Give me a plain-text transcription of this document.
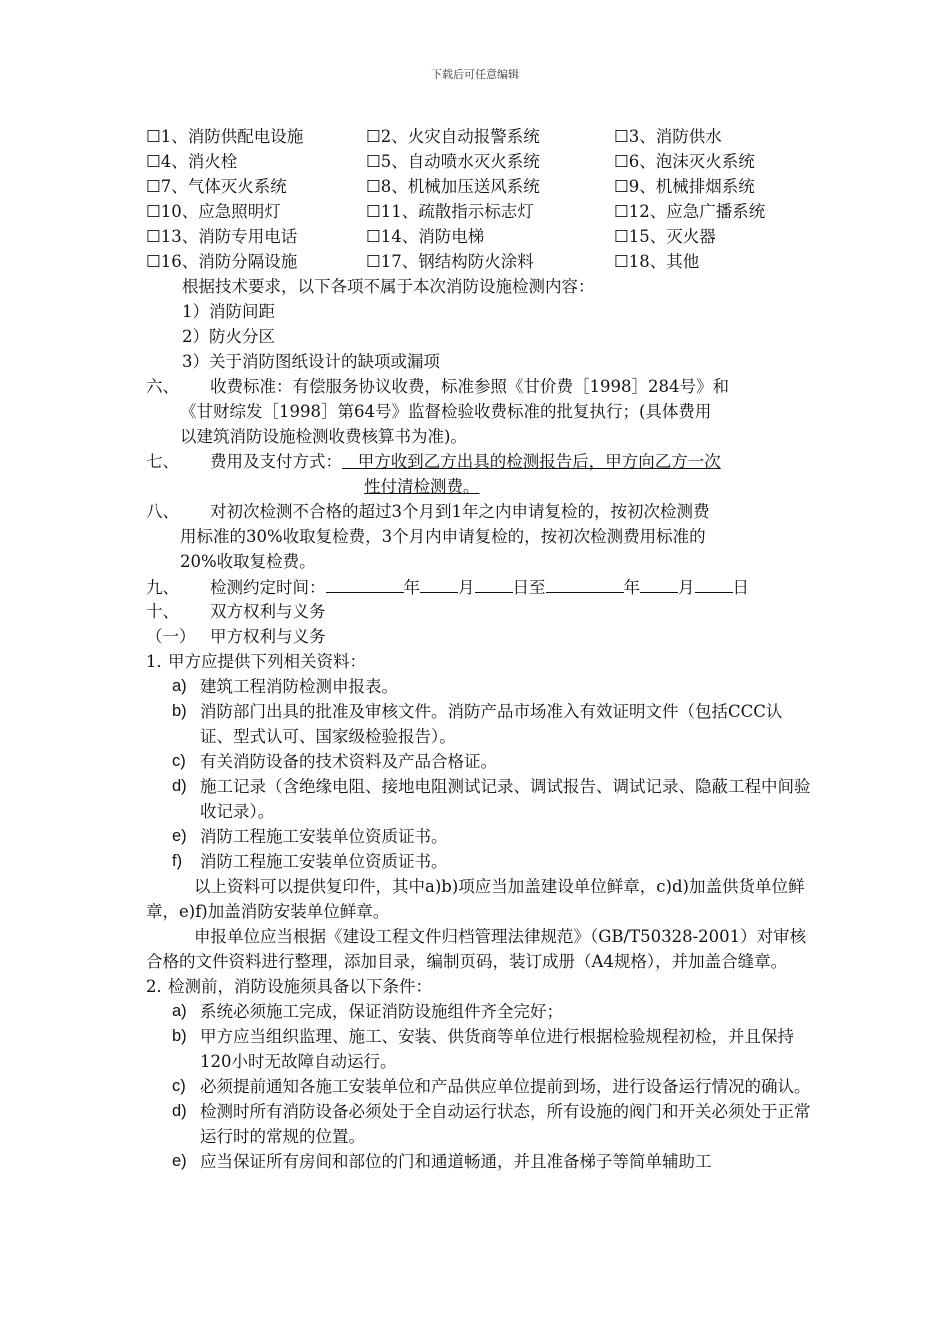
下载后可任意编辑
☐1、消防供配电设施	☐2、火灾自动报警系统	☐3、消防供水
☐4、消火栓	☐5、自动喷水灭火系统	☐6、泡沫灭火系统
☐7、气体灭火系统	☐8、机械加压送风系统	☐9、机械排烟系统
☐10、应急照明灯	☐11、疏散指示标志灯	☐12、应急广播系统
☐13、消防专用电话	☐14、消防电梯	☐15、灭火器
☐16、消防分隔设施	☐17、钢结构防火涂料	☐18、其他
根据技术要求，以下各项不属于本次消防设施检测内容：
1）消防间距
2）防火分区
3）关于消防图纸设计的缺项或漏项
六、 收费标准：有偿服务协议收费，标准参照《甘价费［1998］284号》和
《甘财综发［1998］第64号》监督检验收费标准的批复执行；(具体费用
以建筑消防设施检测收费核算书为准)。
七、 费用及支付方式：   甲方收到乙方出具的检测报告后，甲方向乙方一次
性付清检测费。
八、 对初次检测不合格的超过3个月到1年之内申请复检的，按初次检测费
用标准的30%收取复检费，3个月内申请复检的，按初次检测费用标准的
20%收取复检费。
九、 检测约定时间：	年 月 日至	年 月 日
十、 双方权利与义务
（一） 甲方权利与义务
1．甲方应提供下列相关资料：
a) 建筑工程消防检测申报表。
b) 消防部门出具的批准及审核文件。消防产品市场准入有效证明文件（包括CCC认证、型式认可、国家级检验报告）。
c) 有关消防设备的技术资料及产品合格证。
d) 施工记录（含绝缘电阻、接地电阻测试记录、调试报告、调试记录、隐蔽工程中间验收记录）。
e) 消防工程施工安装单位资质证书。
f)	消防工程施工安装单位资质证书。
以上资料可以提供复印件，其中a)b)项应当加盖建设单位鲜章，c)d)加盖供货单位鲜章，e)f)加盖消防安装单位鲜章。
申报单位应当根据《建设工程文件归档管理法律规范》（GB/T50328-2001）对审核合格的文件资料进行整理，添加目录，编制页码，装订成册（A4规格），并加盖合缝章。
2．检测前，消防设施须具备以下条件：
a) 系统必须施工完成，保证消防设施组件齐全完好；
b) 甲方应当组织监理、施工、安装、供货商等单位进行根据检验规程初检，并且保持120小时无故障自动运行。
c) 必须提前通知各施工安装单位和产品供应单位提前到场，进行设备运行情况的确认。
d) 检测时所有消防设备必须处于全自动运行状态，所有设施的阀门和开关必须处于正常运行时的常规的位置。
e) 应当保证所有房间和部位的门和通道畅通，并且准备梯子等简单辅助工
